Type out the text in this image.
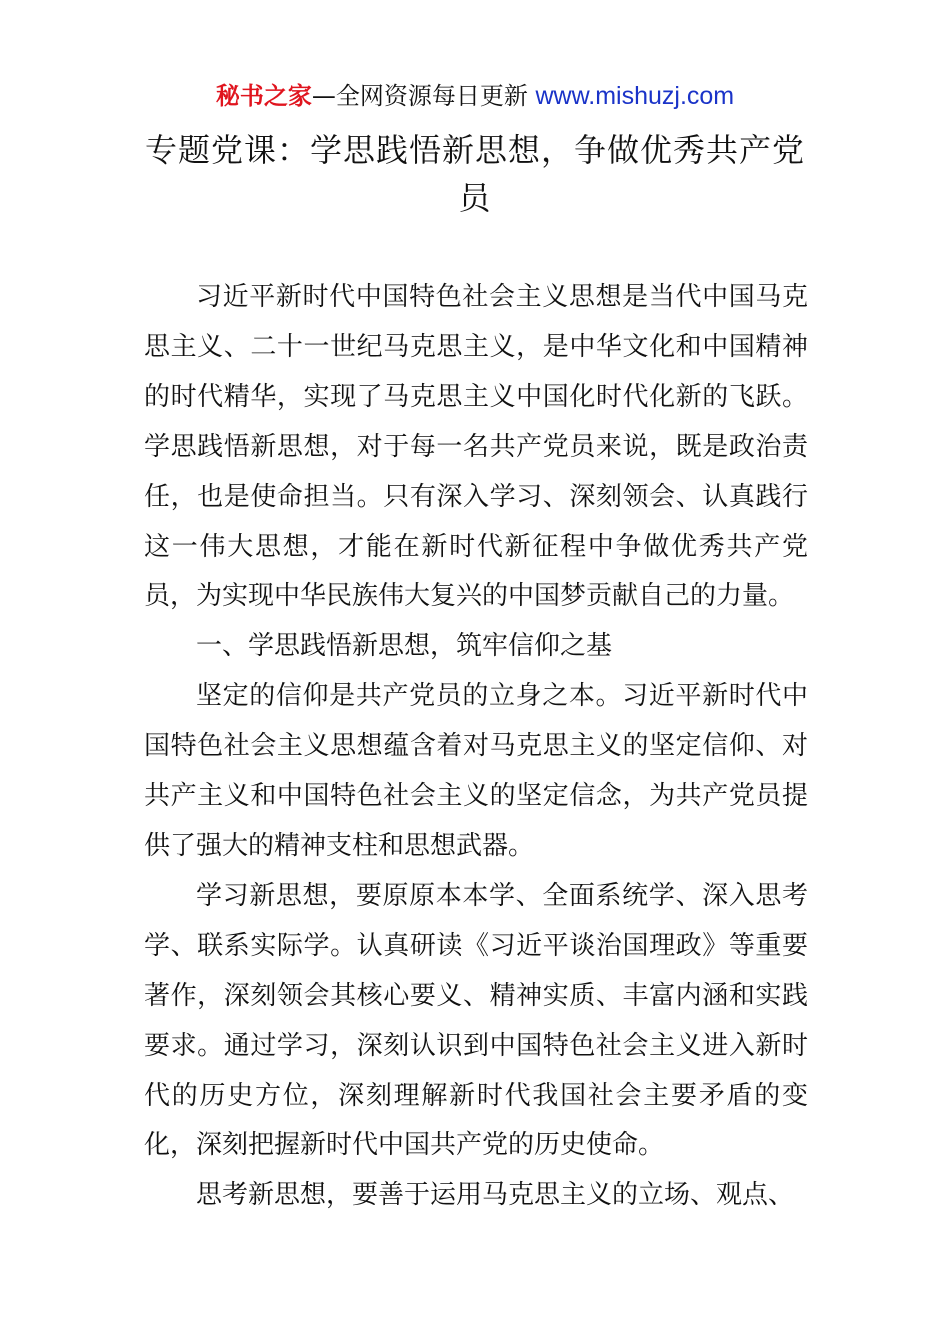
秘书之家—全网资源每日更新 www.mishuzj.com
专题党课：学思践悟新思想，争做优秀共产党员

习近平新时代中国特色社会主义思想是当代中国马克思主义、二十一世纪马克思主义，是中华文化和中国精神的时代精华，实现了马克思主义中国化时代化新的飞跃。学思践悟新思想，对于每一名共产党员来说，既是政治责任，也是使命担当。只有深入学习、深刻领会、认真践行这一伟大思想，才能在新时代新征程中争做优秀共产党员，为实现中华民族伟大复兴的中国梦贡献自己的力量。

一、学思践悟新思想，筑牢信仰之基

坚定的信仰是共产党员的立身之本。习近平新时代中国特色社会主义思想蕴含着对马克思主义的坚定信仰、对共产主义和中国特色社会主义的坚定信念，为共产党员提供了强大的精神支柱和思想武器。

学习新思想，要原原本本学、全面系统学、深入思考学、联系实际学。认真研读《习近平谈治国理政》等重要著作，深刻领会其核心要义、精神实质、丰富内涵和实践要求。通过学习，深刻认识到中国特色社会主义进入新时代的历史方位，深刻理解新时代我国社会主要矛盾的变化，深刻把握新时代中国共产党的历史使命。

思考新思想，要善于运用马克思主义的立场、观点、
